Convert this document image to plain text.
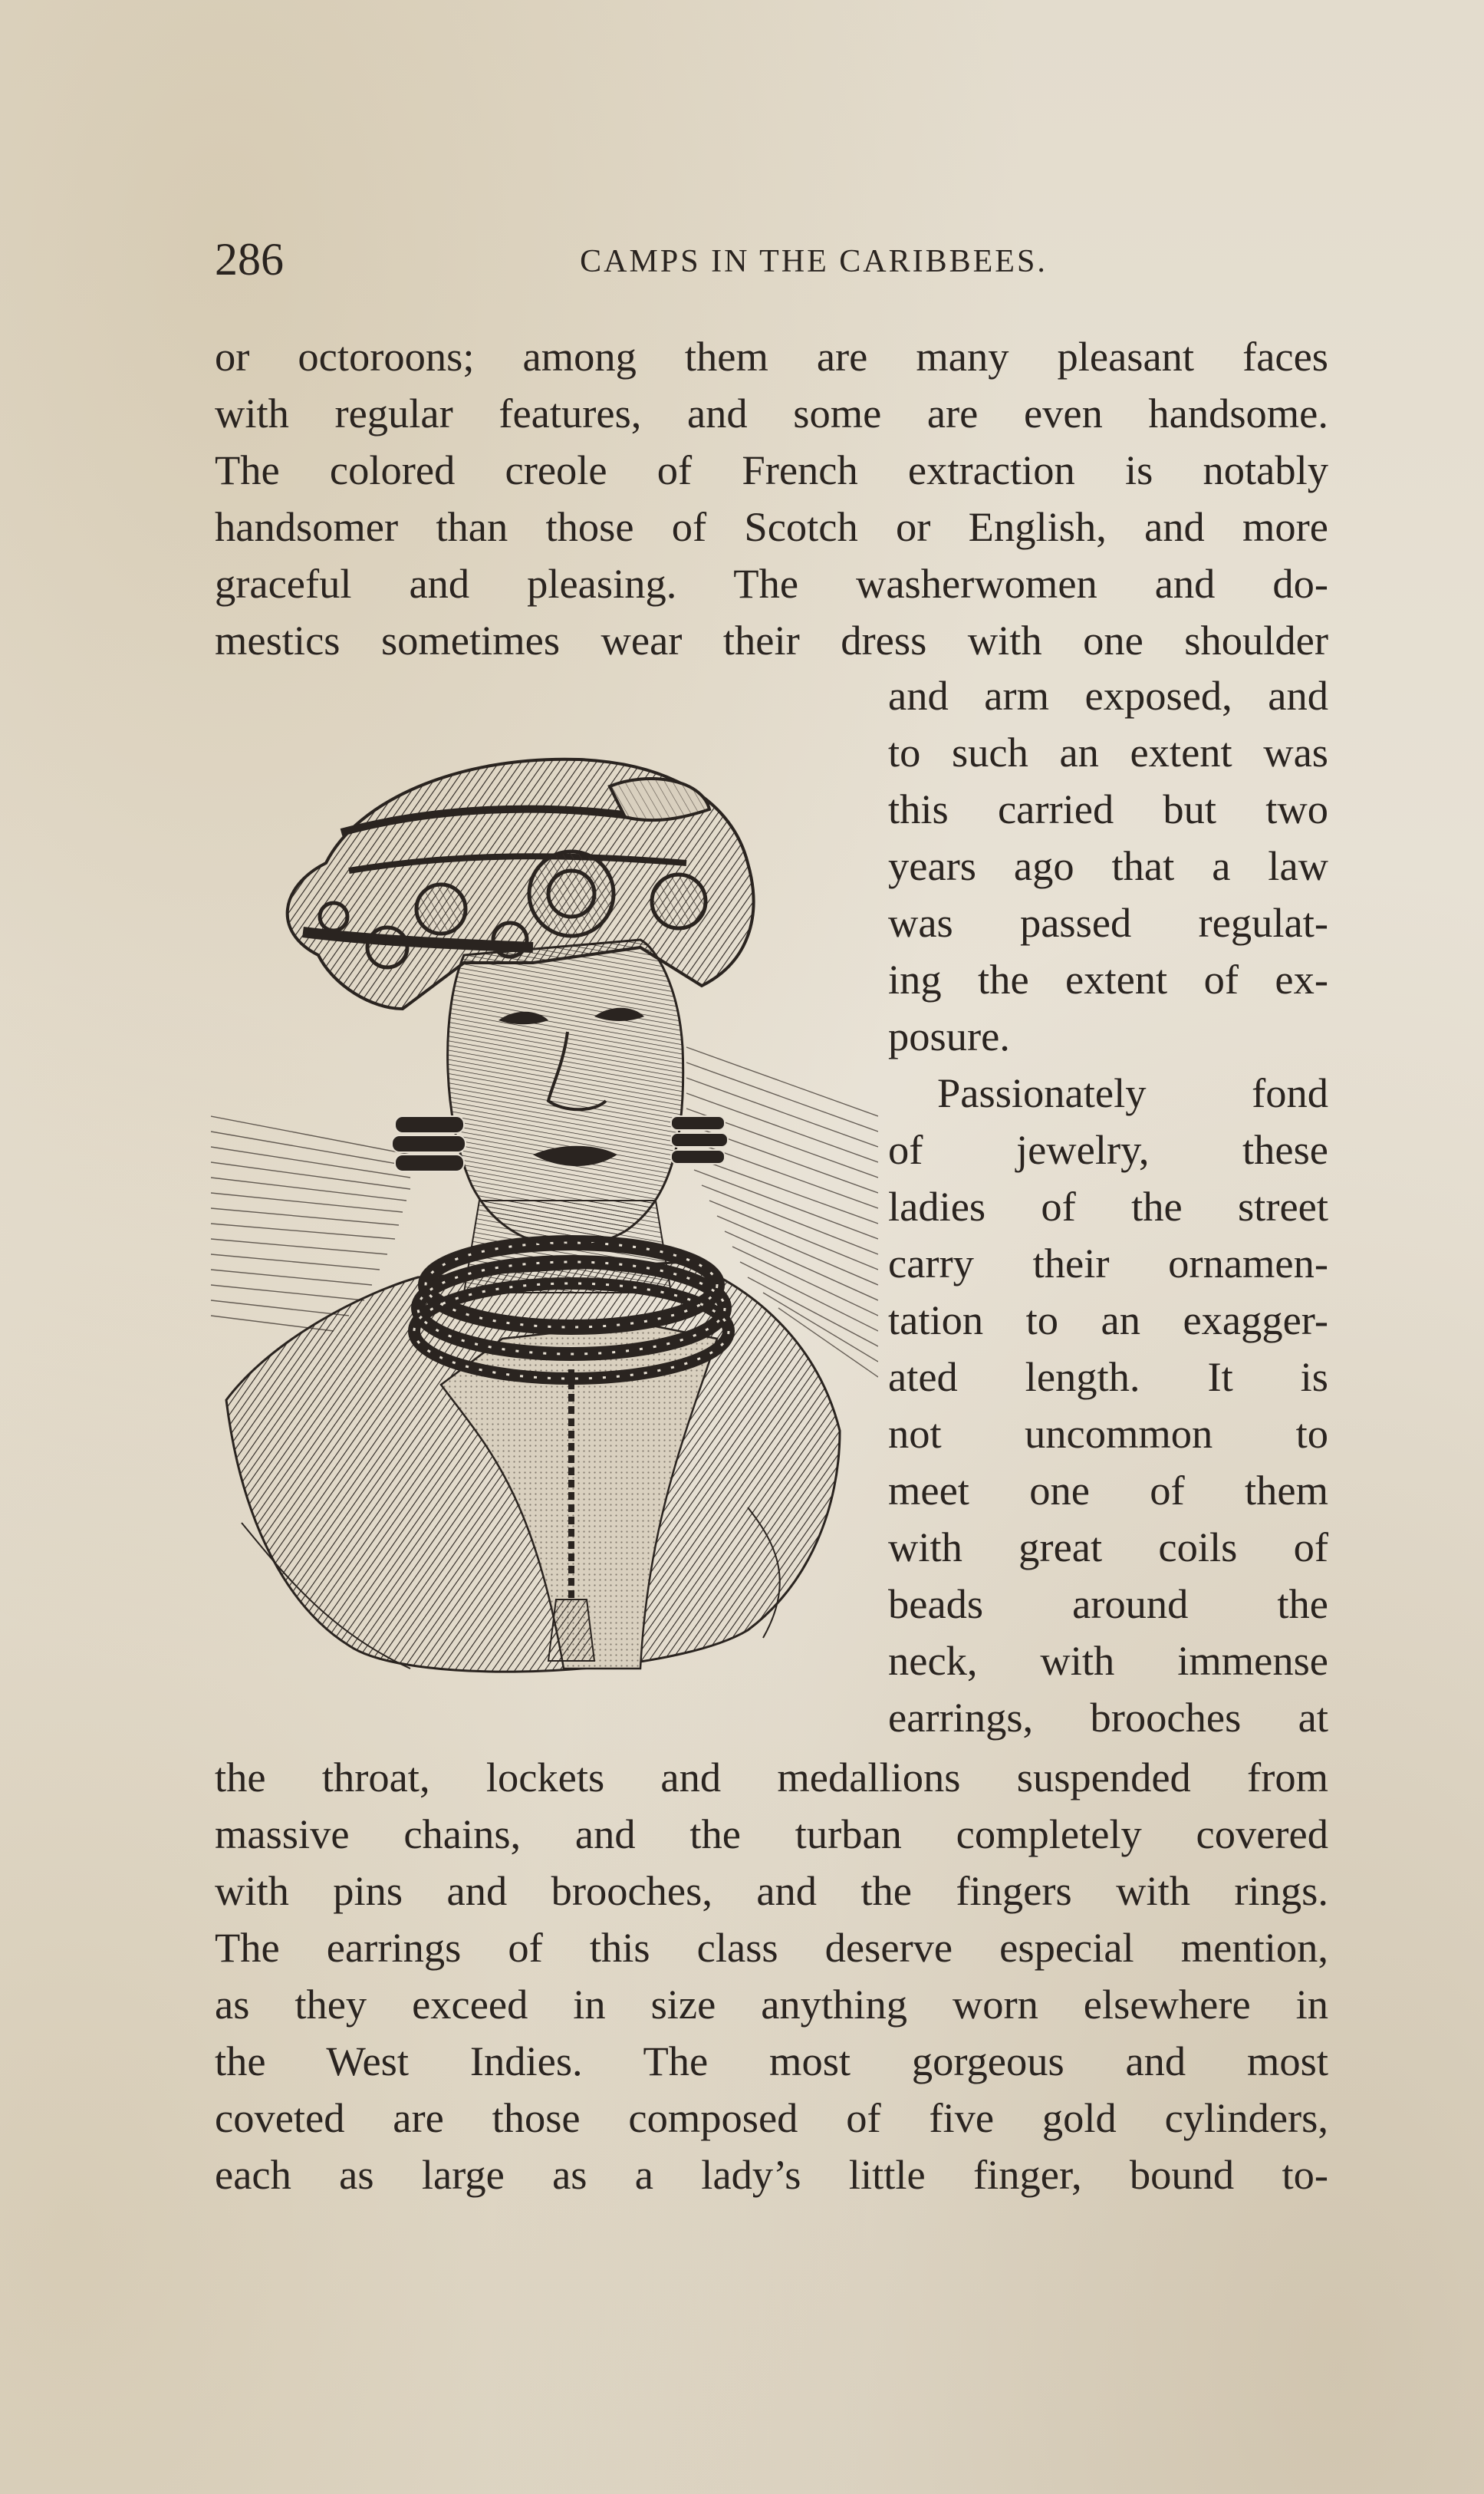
286	CAMPS IN THE CARIBBEES.
or octoroons; among them are many pleasant faces
with regular features, and some are even handsome.
The colored creole of French extraction is notably
handsomer than those of Scotch or English, and more
graceful and pleasing. The washerwomen and do-
mestics sometimes wear their dress with one shoulder
and arm exposed, and
to such an extent was
this carried but two
years ago that a law
was passed regulat-
ing the extent of ex-
posure.
Passionately fond
of jewelry, these
ladies of the street
carry their ornamen-
tation to an exagger-
ated length. It is
not uncommon to
meet one of them
with great coils of
beads around the
neck, with immense
earrings, brooches at
the throat, lockets and medallions suspended from
massive chains, and the turban completely covered
with pins and brooches, and the fingers with rings.
The earrings of this class deserve especial mention,
as they exceed in size anything worn elsewhere in
the West Indies. The most gorgeous and most
coveted are those composed of five gold cylinders,
each as large as a lady’s little finger, bound to-
